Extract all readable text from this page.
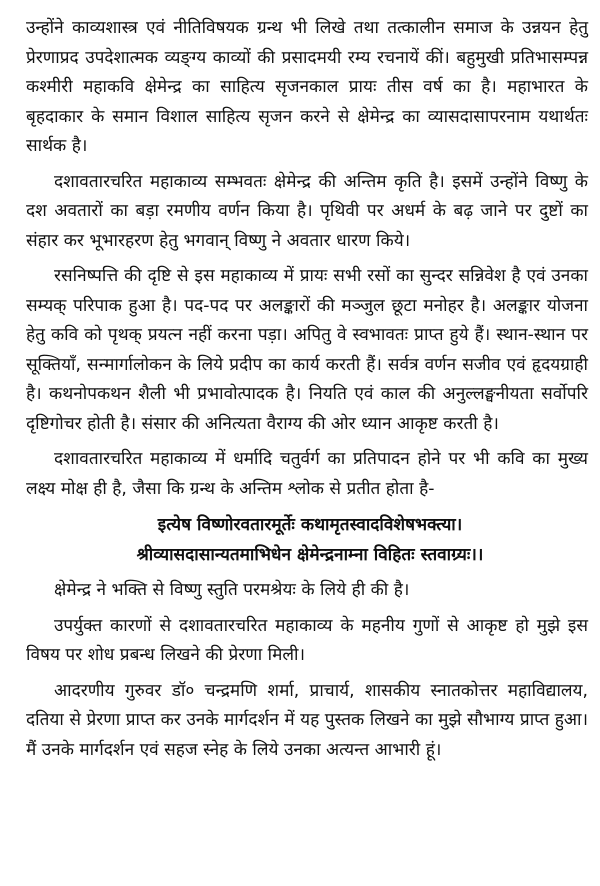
उन्होंने काव्यशास्त्र एवं नीतिविषयक ग्रन्थ भी लिखे तथा तत्कालीन समाज के उन्नयन हेतु प्रेरणाप्रद उपदेशात्मक व्यङ्ग्य काव्यों की प्रसादमयी रम्य रचनायें कीं। बहुमुखी प्रतिभासम्पन्न कश्मीरी महाकवि क्षेमेन्द्र का साहित्य सृजनकाल प्रायः तीस वर्ष का है। महाभारत के बृहदाकार के समान विशाल साहित्य सृजन करने से क्षेमेन्द्र का व्यासदासापरनाम यथार्थतः सार्थक है।

दशावतारचरित महाकाव्य सम्भवतः क्षेमेन्द्र की अन्तिम कृति है। इसमें उन्होंने विष्णु के दश अवतारों का बड़ा रमणीय वर्णन किया है। पृथिवी पर अधर्म के बढ़ जाने पर दुष्टों का संहार कर भूभारहरण हेतु भगवान् विष्णु ने अवतार धारण किये।

रसनिष्पत्ति की दृष्टि से इस महाकाव्य में प्रायः सभी रसों का सुन्दर सन्निवेश है एवं उनका सम्यक् परिपाक हुआ है। पद-पद पर अलङ्कारों की मञ्जुल छूटा मनोहर है। अलङ्कार योजना हेतु कवि को पृथक् प्रयत्न नहीं करना पड़ा। अपितु वे स्वभावतः प्राप्त हुये हैं। स्थान-स्थान पर सूक्तियाँ, सन्मार्गालोकन के लिये प्रदीप का कार्य करती हैं। सर्वत्र वर्णन सजीव एवं हृदयग्राही है। कथनोपकथन शैली भी प्रभावोत्पादक है। नियति एवं काल की अनुल्लङ्घनीयता सर्वोपरि दृष्टिगोचर होती है। संसार की अनित्यता वैराग्य की ओर ध्यान आकृष्ट करती है।

दशावतारचरित महाकाव्य में धर्मादि चतुर्वर्ग का प्रतिपादन होने पर भी कवि का मुख्य लक्ष्य मोक्ष ही है, जैसा कि ग्रन्थ के अन्तिम श्लोक से प्रतीत होता है-

इत्येष विष्णोरवतारमूर्तेः कथामृतस्वादविशेषभक्त्या।

श्रीव्यासदासान्यतमाभिधेन क्षेमेन्द्रनाम्ना विहितः स्तवाग्र्यः।।

क्षेमेन्द्र ने भक्ति से विष्णु स्तुति परमश्रेयः के लिये ही की है।

उपर्युक्त कारणों से दशावतारचरित महाकाव्य के महनीय गुणों से आकृष्ट हो मुझे इस विषय पर शोध प्रबन्ध लिखने की प्रेरणा मिली।

आदरणीय गुरुवर डॉ० चन्द्रमणि शर्मा, प्राचार्य, शासकीय स्नातकोत्तर महाविद्यालय, दतिया से प्रेरणा प्राप्त कर उनके मार्गदर्शन में यह पुस्तक लिखने का मुझे सौभाग्य प्राप्त हुआ। मैं उनके मार्गदर्शन एवं सहज स्नेह के लिये उनका अत्यन्त आभारी हूं।
